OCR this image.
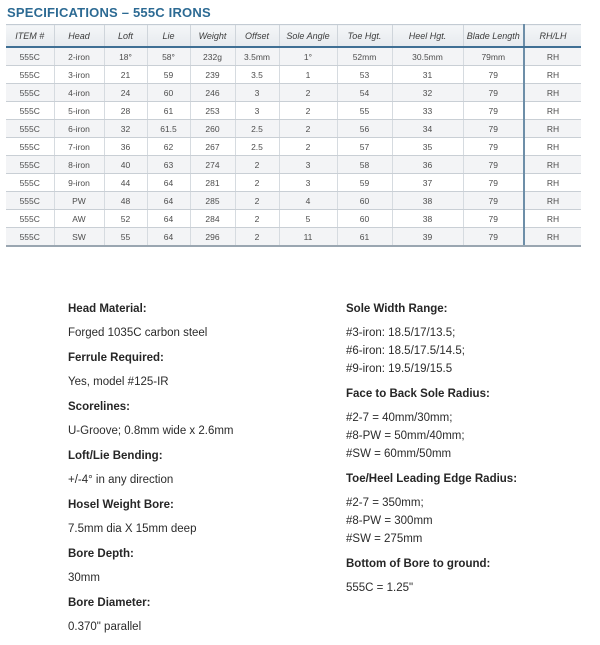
SPECIFICATIONS – 555C IRONS
ITEM #	Head	Loft	Lie	Weight	Offset	Sole Angle	Toe Hgt.	Heel Hgt.	Blade Length	RH/LH
555C	2-iron	18°	58°	232g	3.5mm	1°	52mm	30.5mm	79mm	RH
555C	3-iron	21	59	239	3.5	1	53	31	79	RH
555C	4-iron	24	60	246	3	2	54	32	79	RH
555C	5-iron	28	61	253	3	2	55	33	79	RH
555C	6-iron	32	61.5	260	2.5	2	56	34	79	RH
555C	7-iron	36	62	267	2.5	2	57	35	79	RH
555C	8-iron	40	63	274	2	3	58	36	79	RH
555C	9-iron	44	64	281	2	3	59	37	79	RH
555C	PW	48	64	285	2	4	60	38	79	RH
555C	AW	52	64	284	2	5	60	38	79	RH
555C	SW	55	64	296	2	11	61	39	79	RH
Head Material:
Forged 1035C carbon steel
Ferrule Required:
Yes, model #125-IR
Scorelines:
U-Groove; 0.8mm wide x 2.6mm
Loft/Lie Bending:
+/-4° in any direction
Hosel Weight Bore:
7.5mm dia X 15mm deep
Bore Depth:
30mm
Bore Diameter:
0.370" parallel
Sole Width Range:
#3-iron: 18.5/17/13.5;
#6-iron: 18.5/17.5/14.5;
#9-iron: 19.5/19/15.5
Face to Back Sole Radius:
#2-7 = 40mm/30mm;
#8-PW = 50mm/40mm;
#SW = 60mm/50mm
Toe/Heel Leading Edge Radius:
#2-7 = 350mm;
#8-PW = 300mm
#SW = 275mm
Bottom of Bore to ground:
555C = 1.25"
